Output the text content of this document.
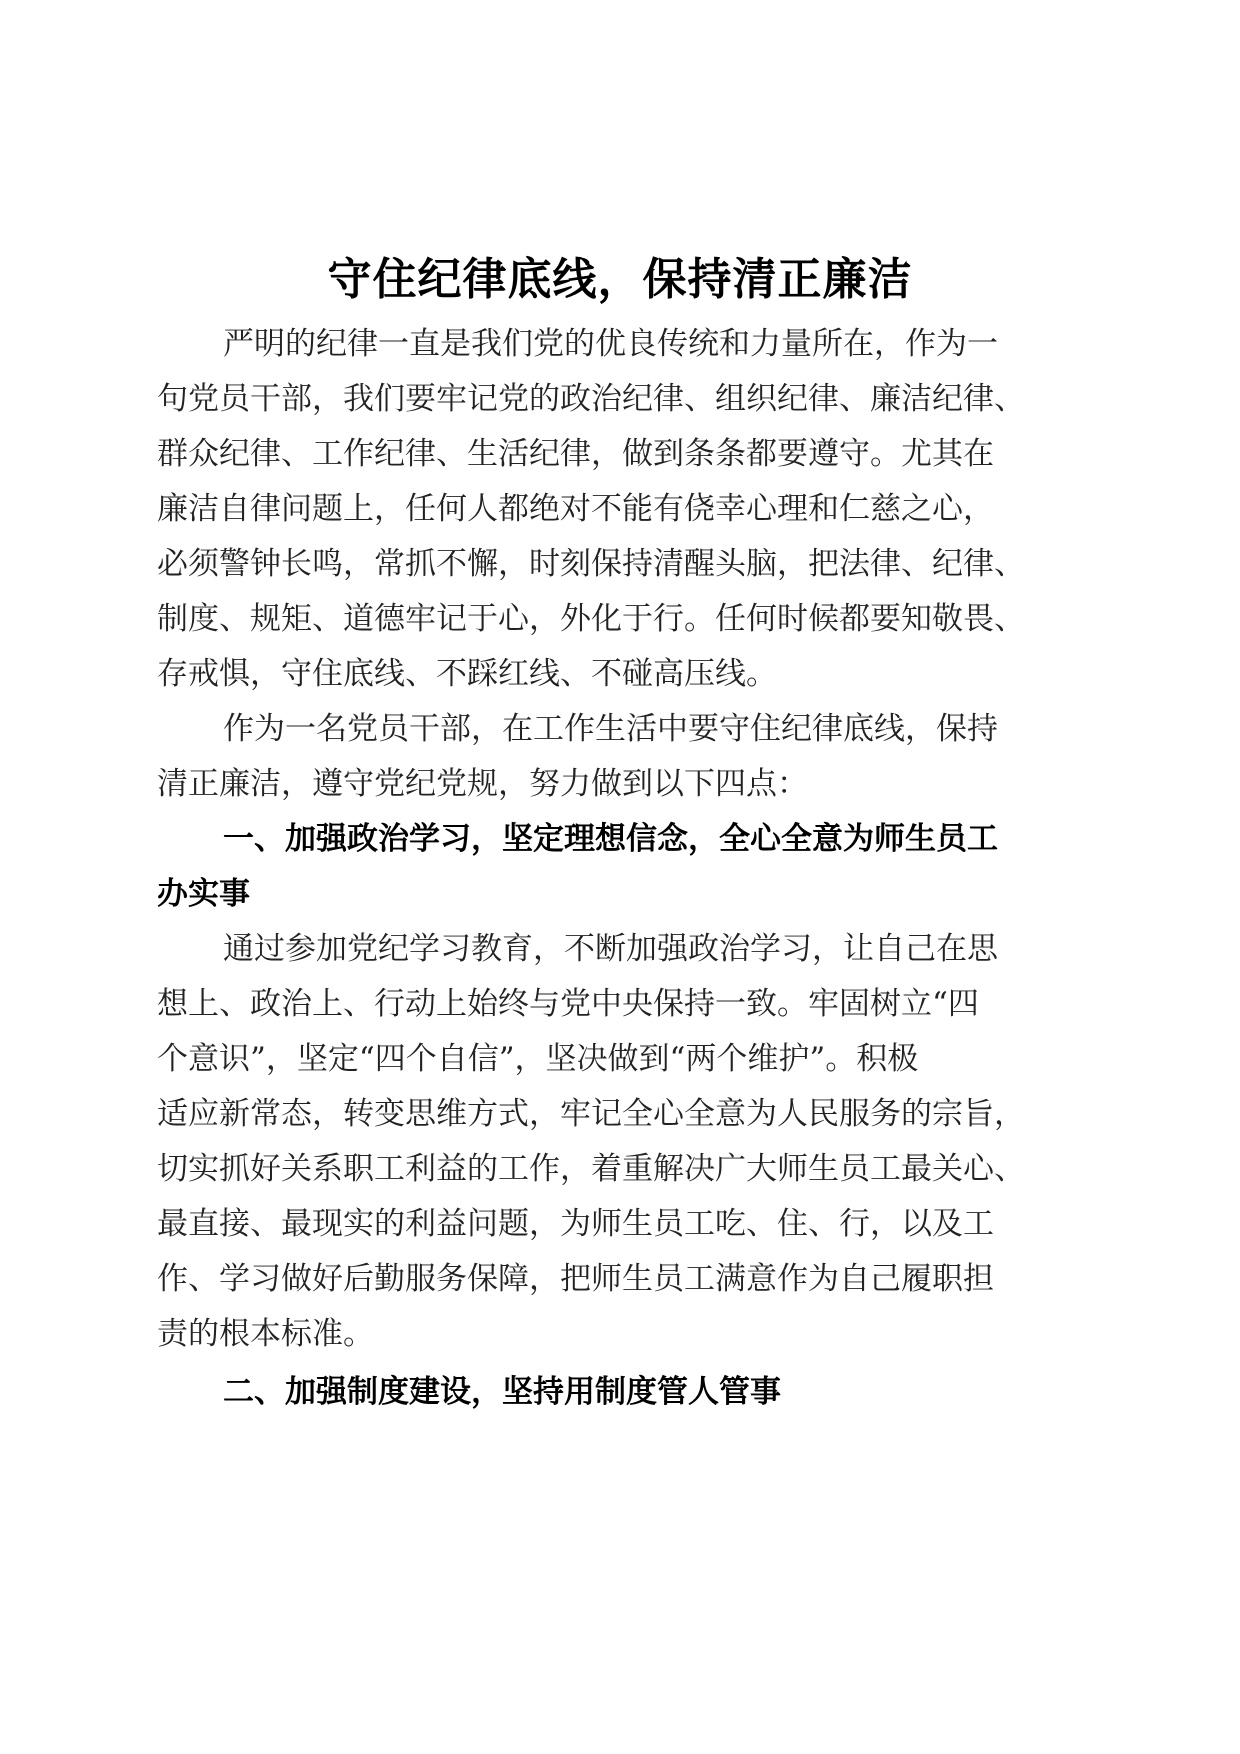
守住纪律底线，保持清正廉洁
严明的纪律一直是我们党的优良传统和力量所在，作为一
句党员干部，我们要牢记党的政治纪律、组织纪律、廉洁纪律、
群众纪律、工作纪律、生活纪律，做到条条都要遵守。尤其在
廉洁自律问题上，任何人都绝对不能有侥幸心理和仁慈之心，
必须警钟长鸣，常抓不懈，时刻保持清醒头脑，把法律、纪律、
制度、规矩、道德牢记于心，外化于行。任何时候都要知敬畏、
存戒惧，守住底线、不踩红线、不碰高压线。
作为一名党员干部，在工作生活中要守住纪律底线，保持
清正廉洁，遵守党纪党规，努力做到以下四点：
一、加强政治学习，坚定理想信念，全心全意为师生员工
办实事
通过参加党纪学习教育，不断加强政治学习，让自己在思
想上、政治上、行动上始终与党中央保持一致。牢固树立“四
个意识”，坚定“四个自信”，坚决做到“两个维护”。积极
适应新常态，转变思维方式，牢记全心全意为人民服务的宗旨，
切实抓好关系职工利益的工作，着重解决广大师生员工最关心、
最直接、最现实的利益问题，为师生员工吃、住、行，以及工
作、学习做好后勤服务保障，把师生员工满意作为自己履职担
责的根本标准。
二、加强制度建设，坚持用制度管人管事
